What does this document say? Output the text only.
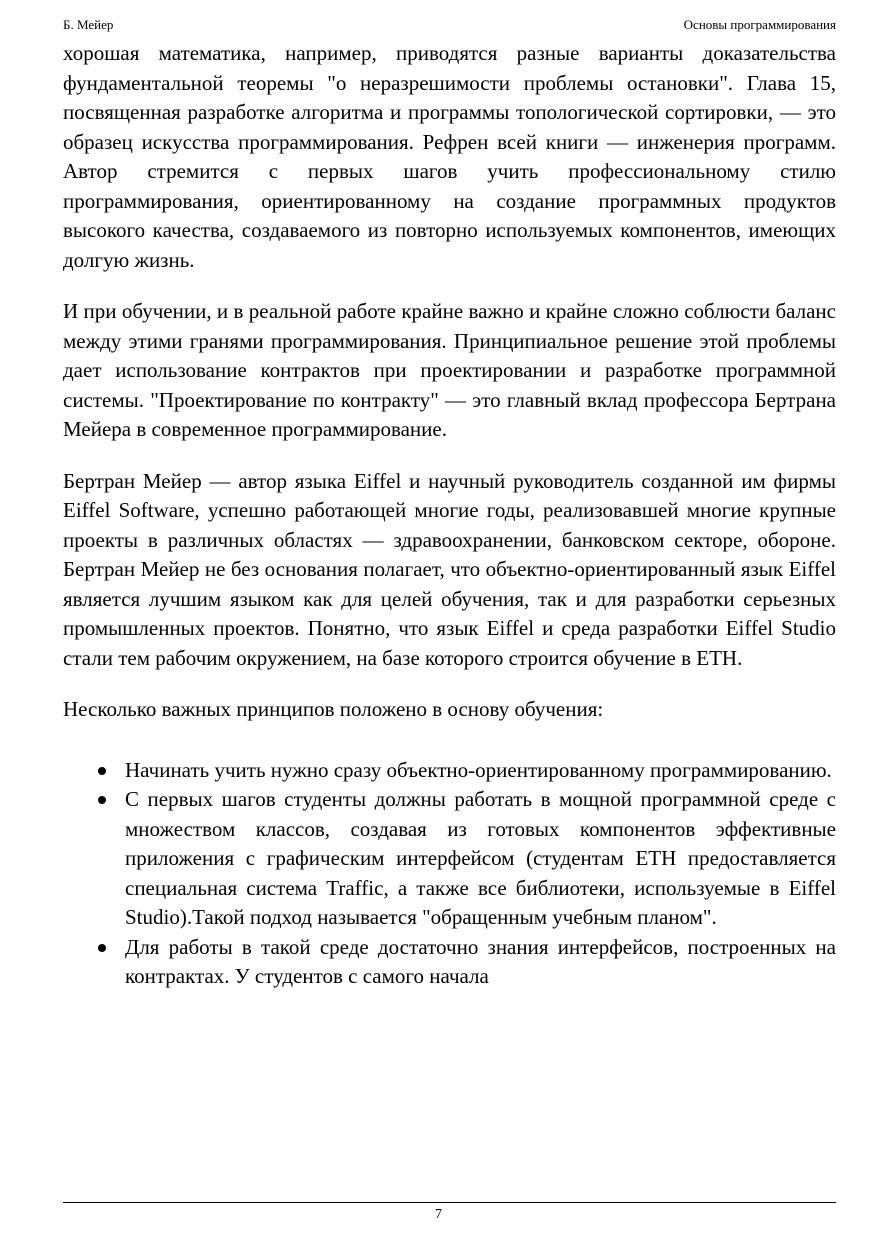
Б. Мейер	Основы программирования

хорошая математика, например, приводятся разные варианты доказательства фундаментальной теоремы "о неразрешимости проблемы остановки". Глава 15, посвященная разработке алгоритма и программы топологической сортировки, — это образец искусства программирования. Рефрен всей книги — инженерия программ. Автор стремится с первых шагов учить профессиональному стилю программирования, ориентированному на создание программных продуктов высокого качества, создаваемого из повторно используемых компонентов, имеющих долгую жизнь.

И при обучении, и в реальной работе крайне важно и крайне сложно соблюсти баланс между этими гранями программирования. Принципиальное решение этой проблемы дает использование контрактов при проектировании и разработке программной системы. "Проектирование по контракту" — это главный вклад профессора Бертрана Мейера в современное программирование.

Бертран Мейер — автор языка Eiffel и научный руководитель созданной им фирмы Eiffel Software, успешно работающей многие годы, реализовавшей многие крупные проекты в различных областях — здравоохранении, банковском секторе, обороне. Бертран Мейер не без основания полагает, что объектно-ориентированный язык Eiffel является лучшим языком как для целей обучения, так и для разработки серьезных промышленных проектов. Понятно, что язык Eiffel и среда разработки Eiffel Studio стали тем рабочим окружением, на базе которого строится обучение в ETH.

Несколько важных принципов положено в основу обучения:

Начинать учить нужно сразу объектно-ориентированному программированию.
С первых шагов студенты должны работать в мощной программной среде с множеством классов, создавая из готовых компонентов эффективные приложения с графическим интерфейсом (студентам ETH предоставляется специальная система Traffic, а также все библиотеки, используемые в Eiffel Studio).Такой подход называется "обращенным учебным планом".
Для работы в такой среде достаточно знания интерфейсов, построенных на контрактах. У студентов с самого начала
7
